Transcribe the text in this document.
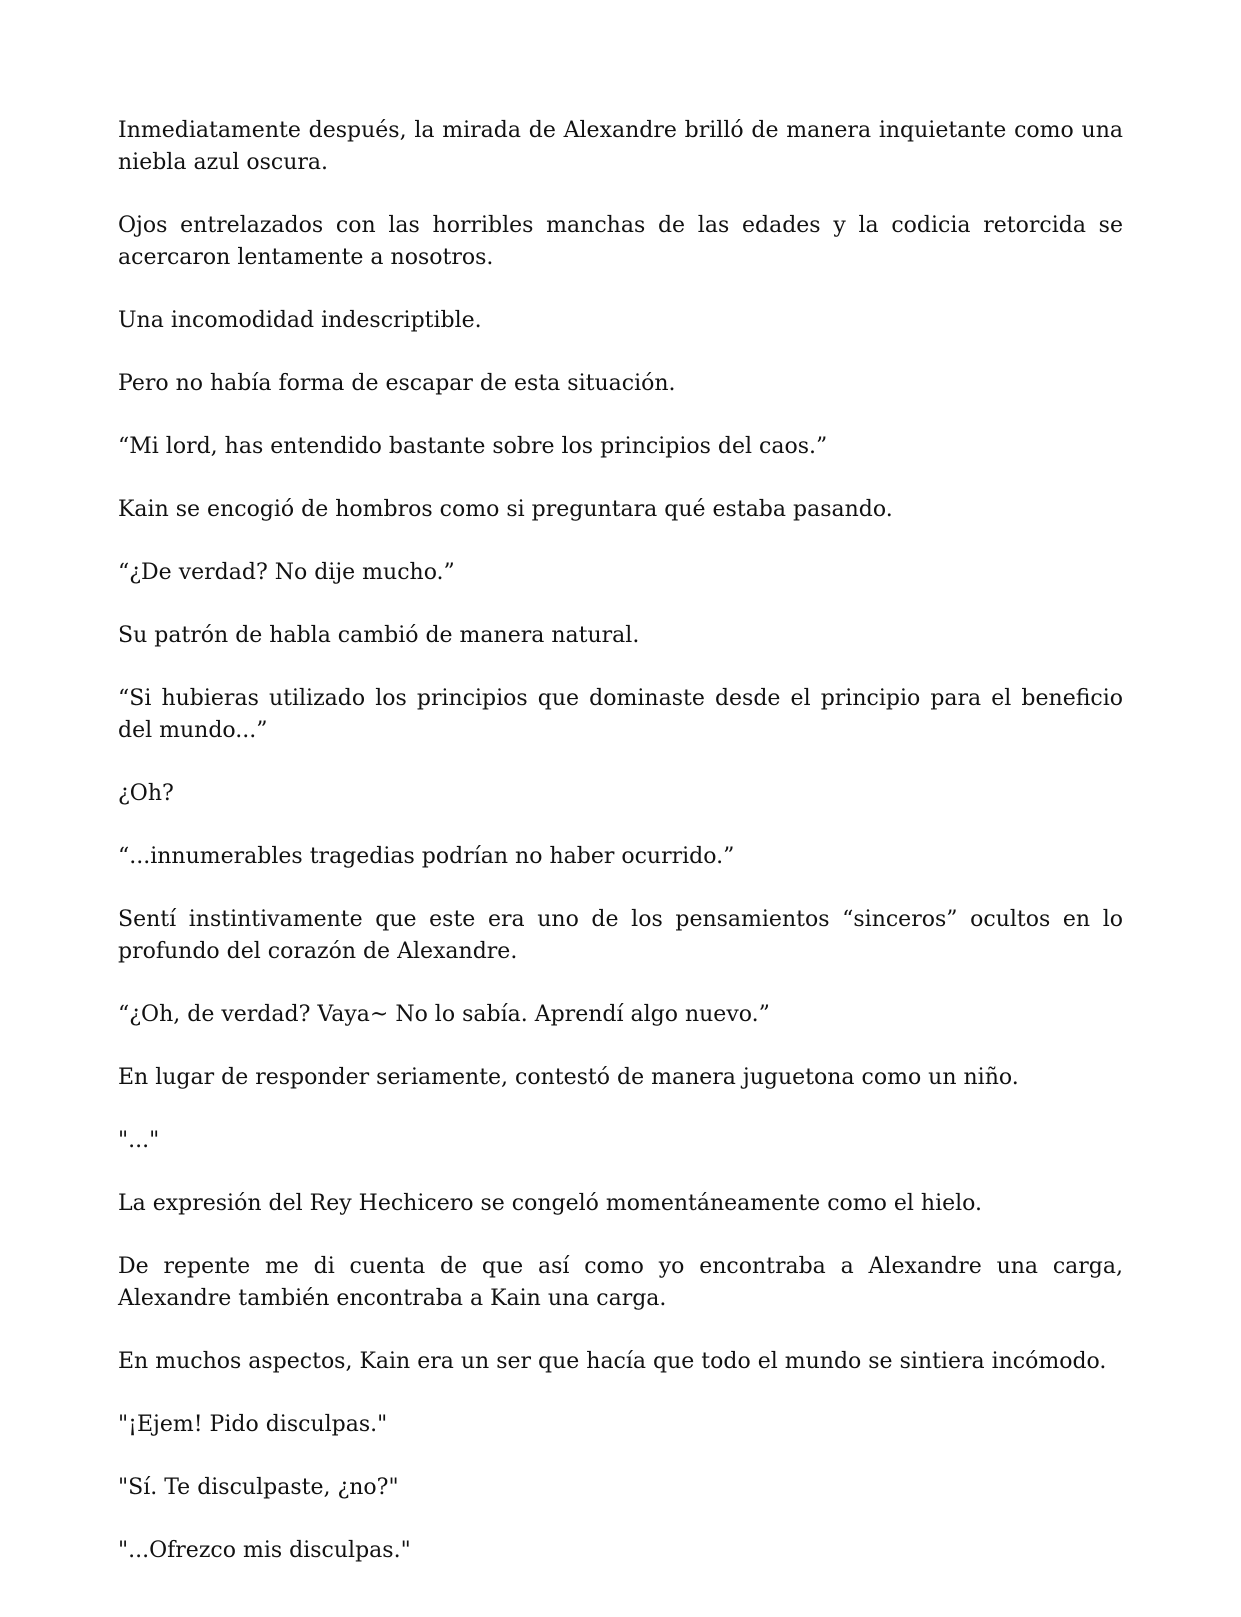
Inmediatamente después, la mirada de Alexandre brilló de manera inquietante como una niebla azul oscura.

Ojos entrelazados con las horribles manchas de las edades y la codicia retorcida se acercaron lentamente a nosotros.

Una incomodidad indescriptible.

Pero no había forma de escapar de esta situación.

“Mi lord, has entendido bastante sobre los principios del caos.”

Kain se encogió de hombros como si preguntara qué estaba pasando.

“¿De verdad? No dije mucho.”

Su patrón de habla cambió de manera natural.

“Si hubieras utilizado los principios que dominaste desde el principio para el beneficio del mundo...”

¿Oh?

“...innumerables tragedias podrían no haber ocurrido.”

Sentí instintivamente que este era uno de los pensamientos “sinceros” ocultos en lo profundo del corazón de Alexandre.

“¿Oh, de verdad? Vaya~ No lo sabía. Aprendí algo nuevo.”

En lugar de responder seriamente, contestó de manera juguetona como un niño.

"..."

La expresión del Rey Hechicero se congeló momentáneamente como el hielo.

De repente me di cuenta de que así como yo encontraba a Alexandre una carga, Alexandre también encontraba a Kain una carga.

En muchos aspectos, Kain era un ser que hacía que todo el mundo se sintiera incómodo.

"¡Ejem! Pido disculpas."

"Sí. Te disculpaste, ¿no?"

"...Ofrezco mis disculpas."
